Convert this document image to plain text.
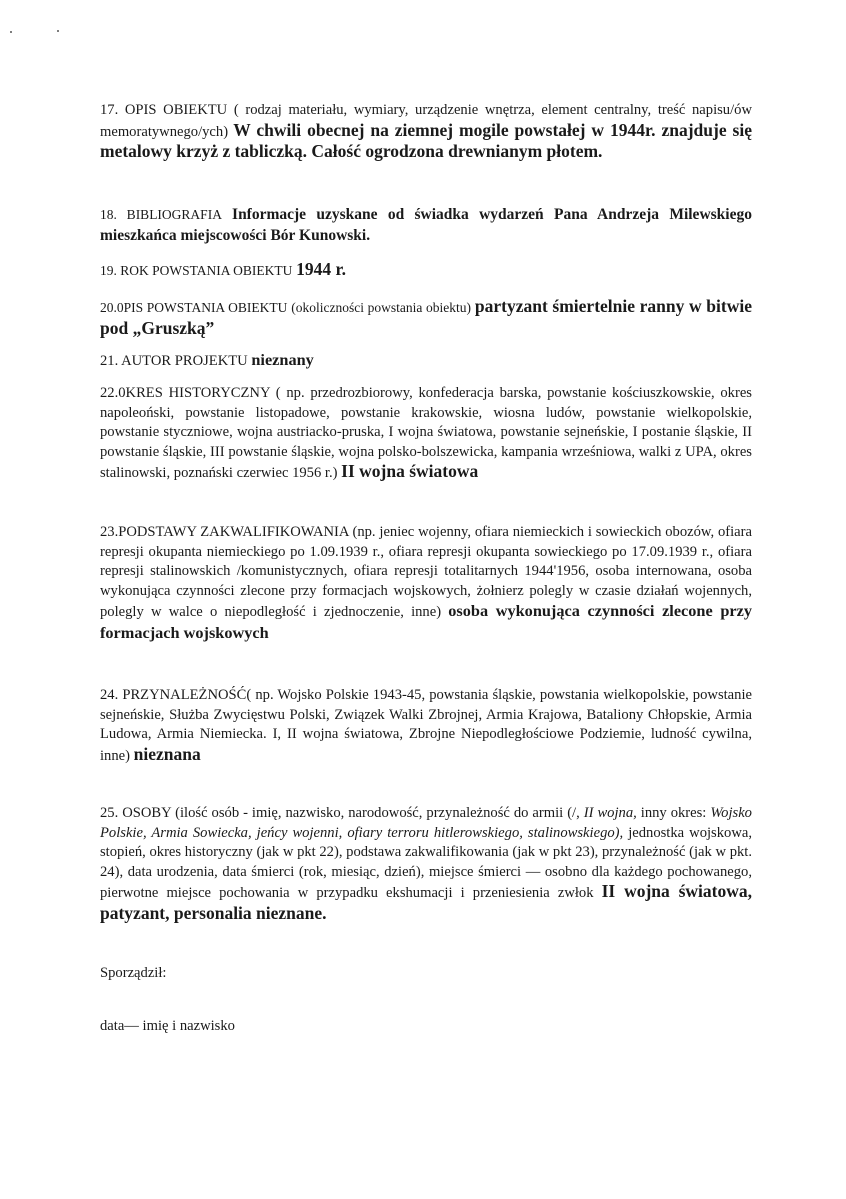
17. OPIS OBIEKTU ( rodzaj materiału, wymiary, urządzenie wnętrza, element centralny, treść napisu/ów memoratywnego/ych) W chwili obecnej na ziemnej mogile powstałej w 1944r. znajduje się metalowy krzyż z tabliczką. Całość ogrodzona drewnianym płotem.
18. BIBLIOGRAFIA Informacje uzyskane od świadka wydarzeń Pana Andrzeja Milewskiego mieszkańca miejscowości Bór Kunowski.
19. ROK POWSTANIA OBIEKTU 1944 r.
20.0PIS POWSTANIA OBIEKTU (okoliczności powstania obiektu) partyzant śmiertelnie ranny w bitwie pod „Gruszką”
21. AUTOR PROJEKTU nieznany
22.0KRES HISTORYCZNY ( np. przedrozbiorowy, konfederacja barska, powstanie kościuszkowskie, okres napoleoński, powstanie listopadowe, powstanie krakowskie, wiosna ludów, powstanie wielkopolskie, powstanie styczniowe, wojna austriacko-pruska, I wojna światowa, powstanie sejneńskie, I postanie śląskie, II powstanie śląskie, III powstanie śląskie, wojna polsko-bolszewicka, kampania wrześniowa, walki z UPA, okres stalinowski, poznański czerwiec 1956 r.) II wojna światowa
23.PODSTAWY ZAKWALIFIKOWANIA (np. jeniec wojenny, ofiara niemieckich i sowieckich obozów, ofiara represji okupanta niemieckiego po 1.09.1939 r., ofiara represji okupanta sowieckiego po 17.09.1939 r., ofiara represji stalinowskich /komunistycznych, ofiara represji totalitarnych 1944'1956, osoba internowana, osoba wykonująca czynności zlecone przy formacjach wojskowych, żołnierz polegly w czasie działań wojennych, polegly w walce o niepodległość i zjednoczenie, inne) osoba wykonująca czynności zlecone przy formacjach wojskowych
24. PRZYNALEŻNOŚĆ( np. Wojsko Polskie 1943-45, powstania śląskie, powstania wielkopolskie, powstanie sejneńskie, Służba Zwycięstwu Polski, Związek Walki Zbrojnej, Armia Krajowa, Bataliony Chłopskie, Armia Ludowa, Armia Niemiecka. I, II wojna światowa, Zbrojne Niepodległościowe Podziemie, ludność cywilna, inne) nieznana
25. OSOBY (ilość osób - imię, nazwisko, narodowość, przynależność do armii (/, II wojna, inny okres: Wojsko Polskie, Armia Sowiecka, jeńcy wojenni, ofiary terroru hitlerowskiego, stalinowskiego), jednostka wojskowa, stopień, okres historyczny (jak w pkt 22), podstawa zakwalifikowania (jak w pkt 23), przynależność (jak w pkt. 24), data urodzenia, data śmierci (rok, miesiąc, dzień), miejsce śmierci — osobno dla każdego pochowanego, pierwotne miejsce pochowania w przypadku ekshumacji i przeniesienia zwłok II wojna światowa, patyzant, personalia nieznane.
Sporządził:
data— imię i nazwisko
